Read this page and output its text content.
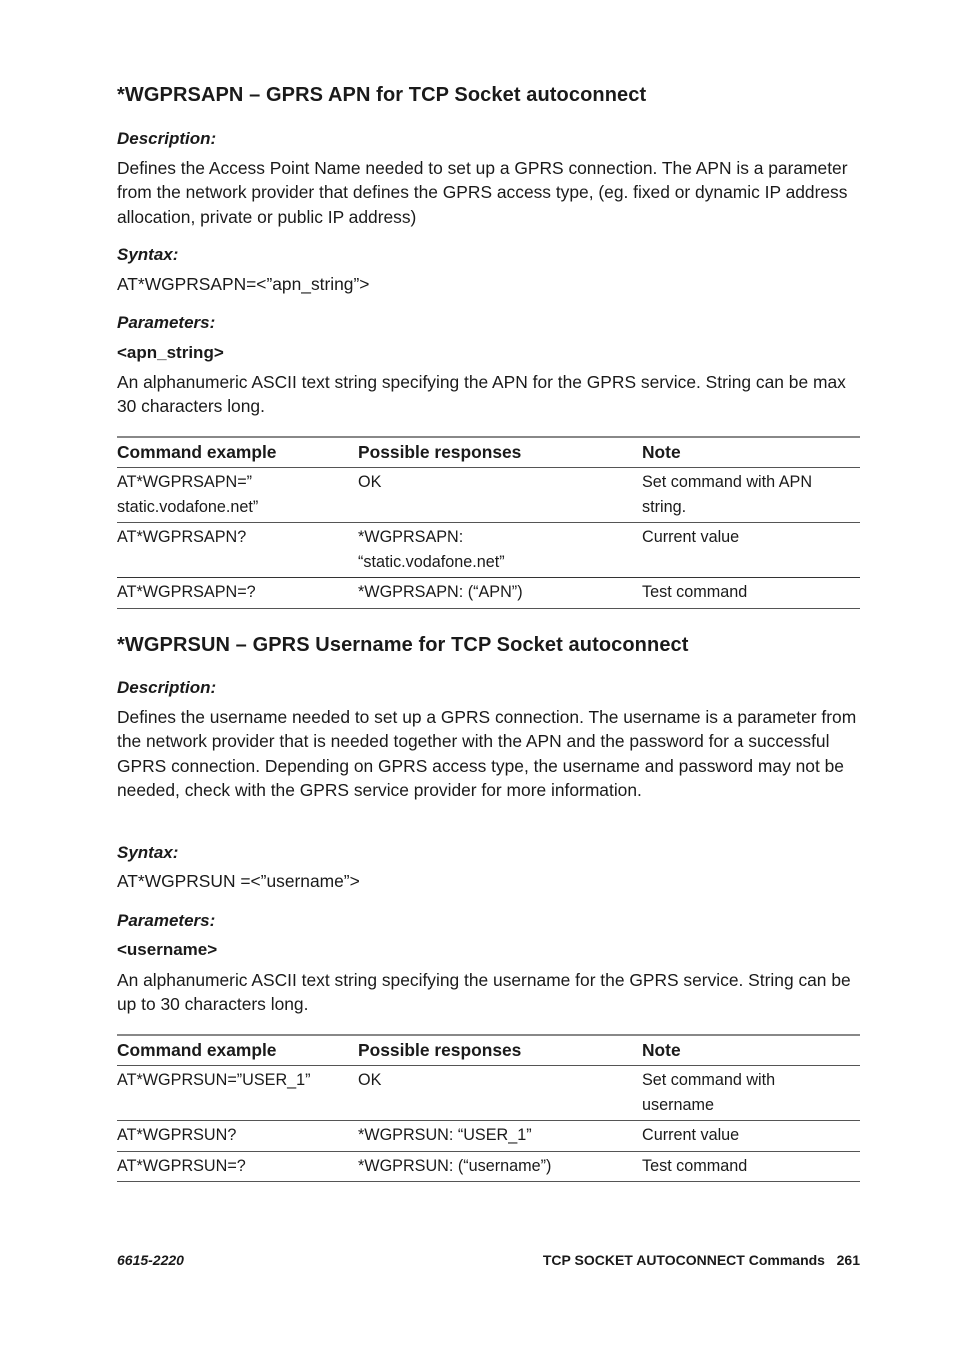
*WGPRSAPN – GPRS APN for TCP Socket autoconnect
Description:

Defines the Access Point Name needed to set up a GPRS connection. The APN is a parameter from the network provider that defines the GPRS access type, (eg. fixed or dynamic IP address allocation, private or public IP address)

Syntax:
AT*WGPRSAPN=<”apn_string”>
Parameters:
<apn_string>

An alphanumeric ASCII text string specifying the APN for the GPRS service. String can be max 30 characters long.

Command example	Possible responses	Note

AT*WGPRSAPN=” static.vodafone.net”	OK	Set command with APN string.

AT*WGPRSAPN?	*WGPRSAPN: “static.vodafone.net”	Current value

AT*WGPRSAPN=?	*WGPRSAPN: (“APN”)	Test command
*WGPRSUN – GPRS Username for TCP Socket autoconnect
Description:

Defines the username needed to set up a GPRS connection. The username is a parameter from the network provider that is needed together with the APN and the password for a successful GPRS connection. Depending on GPRS access type, the username and password may not be needed, check with the GPRS service provider for more information.

Syntax:
AT*WGPRSUN =<”username”>
Parameters:
<username>

An alphanumeric ASCII text string specifying the username for the GPRS service. String can be up to 30 characters long.

Command example	Possible responses	Note

AT*WGPRSUN=”USER_1”	OK	Set command with username

AT*WGPRSUN?	*WGPRSUN: “USER_1”	Current value

AT*WGPRSUN=?	*WGPRSUN: (“username”)	Test command
6615-2220	TCP SOCKET AUTOCONNECT Commands 261
